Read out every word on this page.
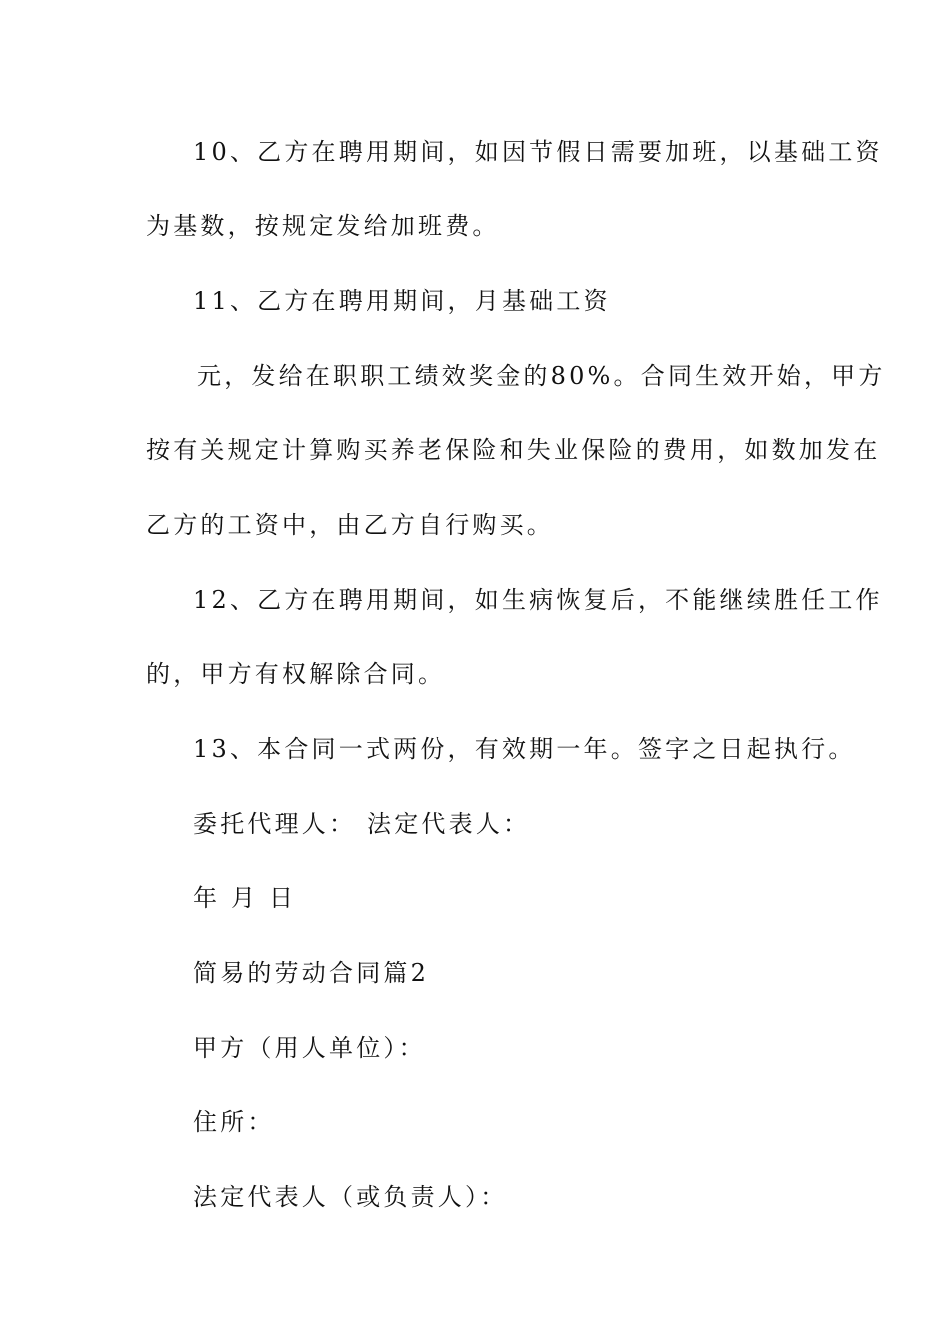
10、乙方在聘用期间，如因节假日需要加班，以基础工资
为基数，按规定发给加班费。
11、乙方在聘用期间，月基础工资
元，发给在职职工绩效奖金的80%。合同生效开始，甲方
按有关规定计算购买养老保险和失业保险的费用，如数加发在
乙方的工资中，由乙方自行购买。
12、乙方在聘用期间，如生病恢复后，不能继续胜任工作
的，甲方有权解除合同。
13、本合同一式两份，有效期一年。签字之日起执行。
委托代理人： 法定代表人：
年 月 日
简易的劳动合同篇2
甲方（用人单位）：
住所：
法定代表人（或负责人）：
